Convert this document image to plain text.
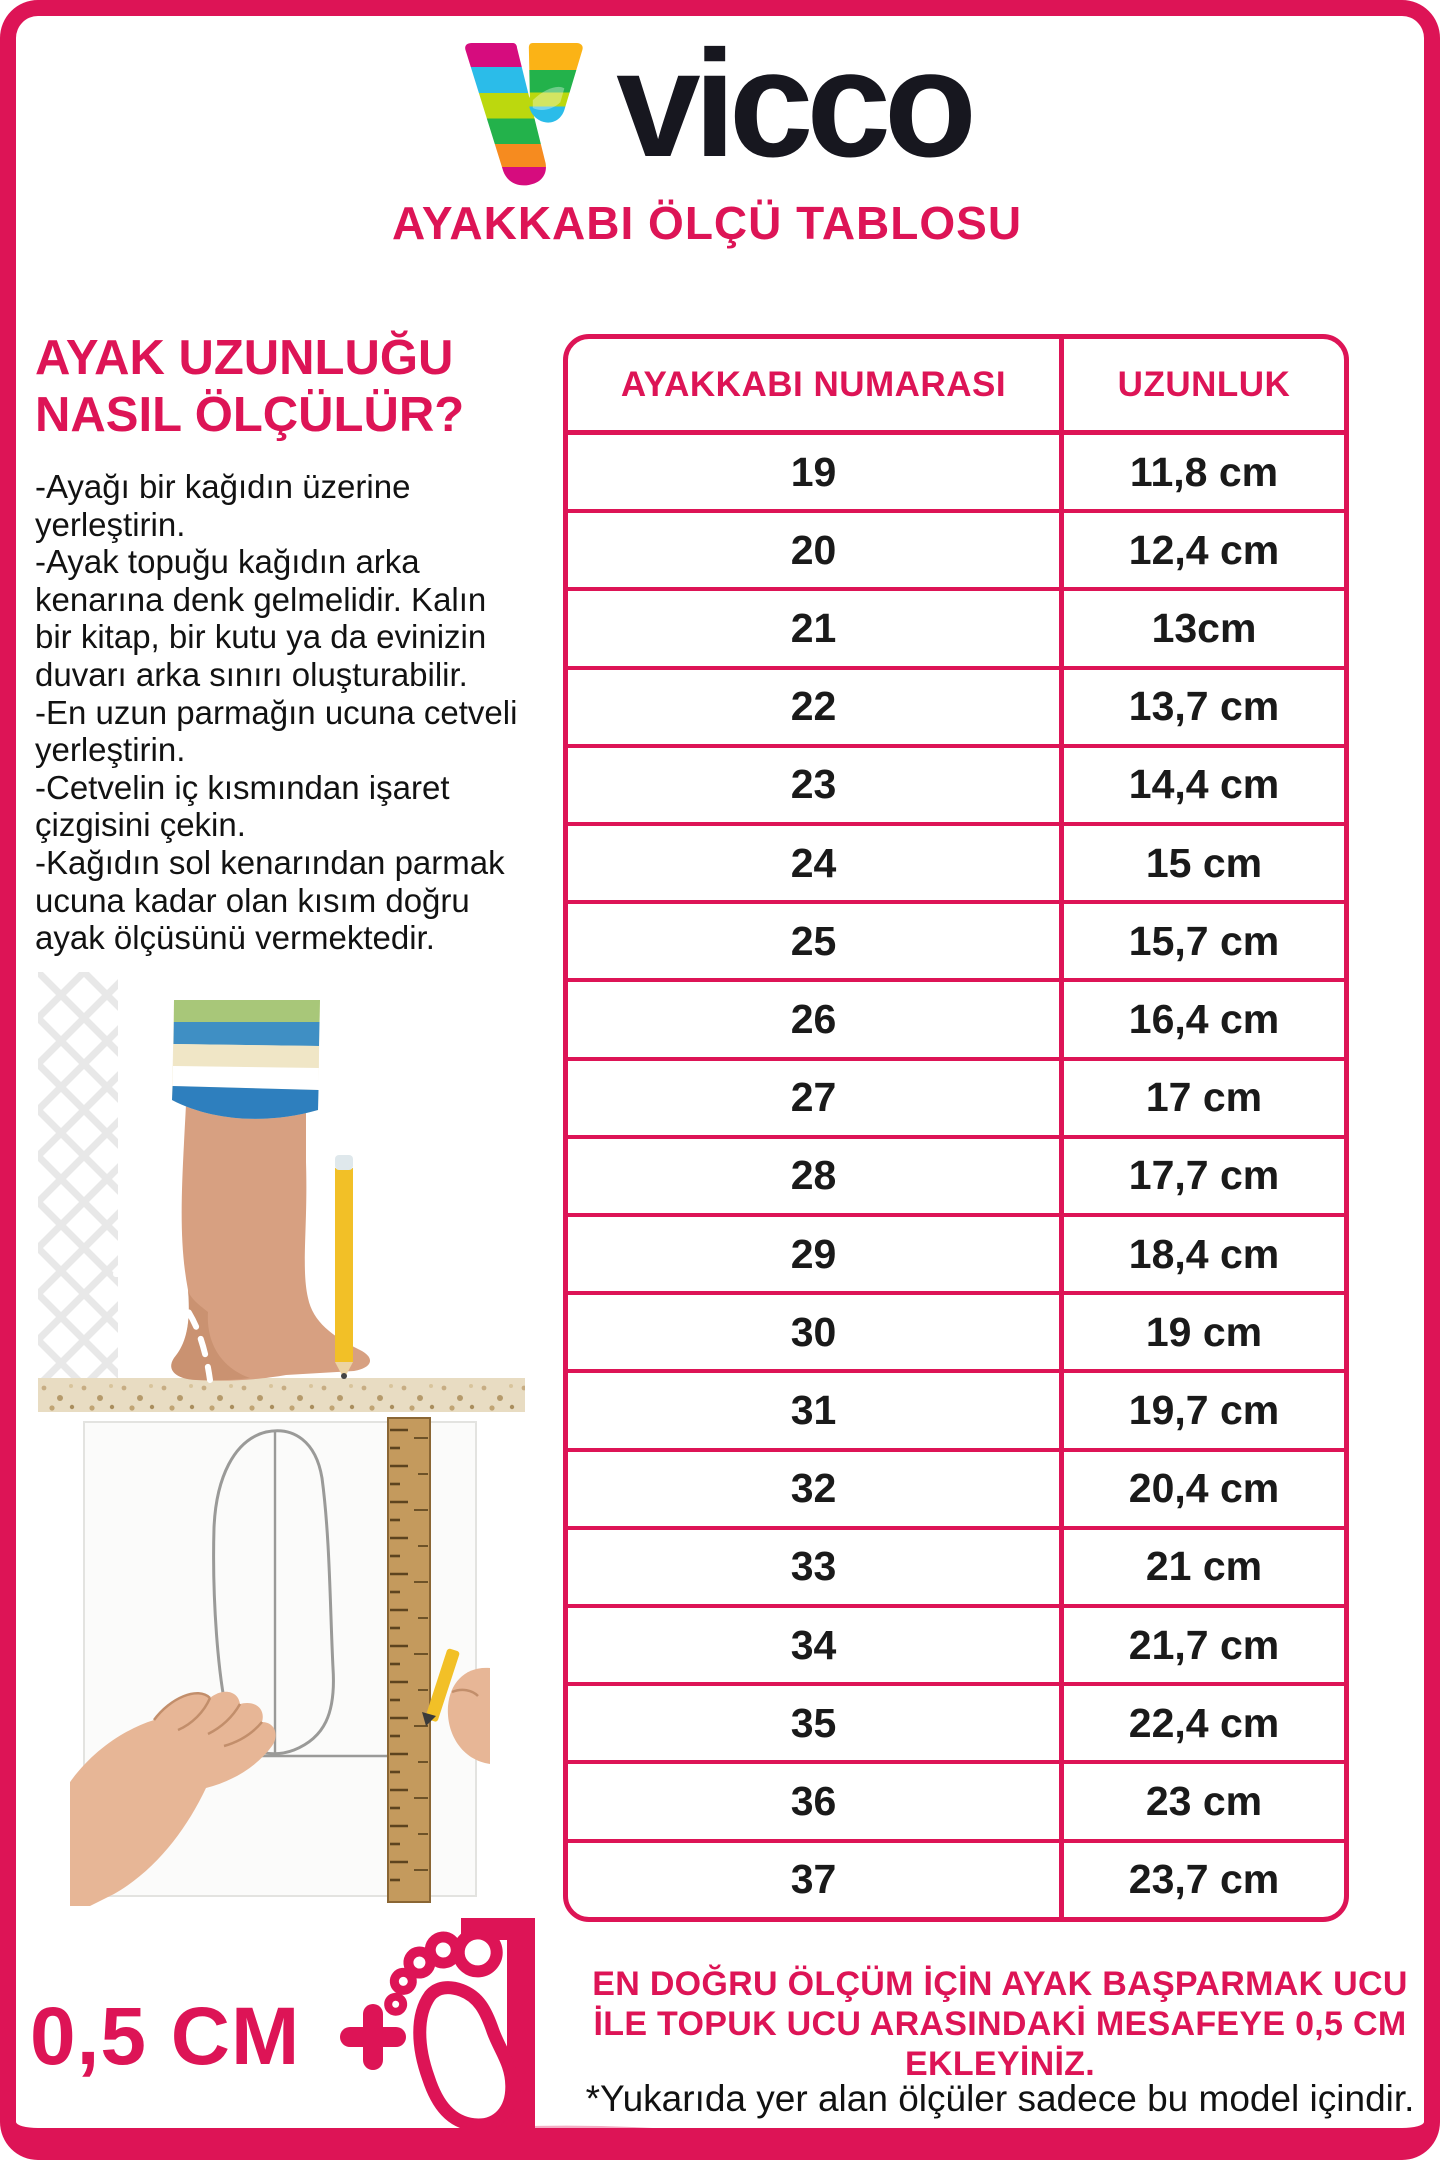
vicco
AYAKKABI ÖLÇÜ TABLOSU
AYAK UZUNLUĞU
NASIL ÖLÇÜLÜR?
-Ayağı bir kağıdın üzerine yerleştirin.
-Ayak topuğu kağıdın arka kenarına denk gelmelidir. Kalın bir kitap, bir kutu ya da evinizin duvarı arka sınırı oluşturabilir.
-En uzun parmağın ucuna cetveli yerleştirin.
-Cetvelin iç kısmından işaret çizgisini çekin.
-Kağıdın sol kenarından parmak ucuna kadar olan kısım doğru ayak ölçüsünü vermektedir.
90°
AYAKKABI NUMARASI	UZUNLUK
19	11,8 cm
20	12,4 cm
21	13cm
22	13,7 cm
23	14,4 cm
24	15 cm
25	15,7 cm
26	16,4 cm
27	17 cm
28	17,7 cm
29	18,4 cm
30	19 cm
31	19,7 cm
32	20,4 cm
33	21 cm
34	21,7 cm
35	22,4 cm
36	23 cm
37	23,7 cm
0,5 CM
EN DOĞRU ÖLÇÜM İÇİN AYAK BAŞPARMAK UCU
İLE TOPUK UCU ARASINDAKİ MESAFEYE 0,5 CM
EKLEYİNİZ.
*Yukarıda yer alan ölçüler sadece bu model içindir.
